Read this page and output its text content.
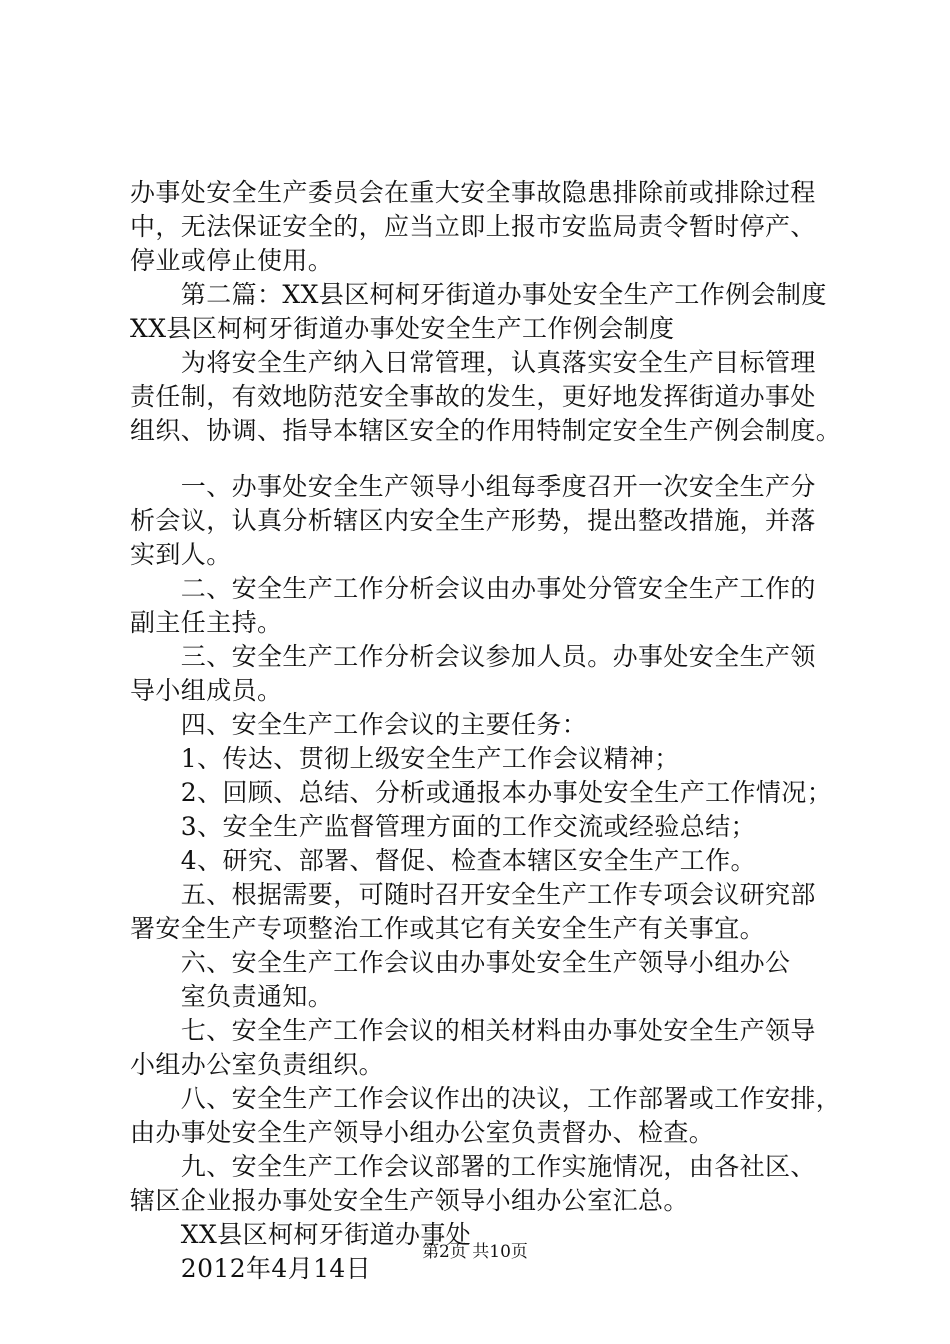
办事处安全生产委员会在重大安全事故隐患排除前或排除过程
中，无法保证安全的，应当立即上报市安监局责令暂时停产、
停业或停止使用。
　　第二篇：XX县区柯柯牙街道办事处安全生产工作例会制度
XX县区柯柯牙街道办事处安全生产工作例会制度
　　为将安全生产纳入日常管理，认真落实安全生产目标管理
责任制，有效地防范安全事故的发生，更好地发挥街道办事处
组织、协调、指导本辖区安全的作用特制定安全生产例会制度。
　　一、办事处安全生产领导小组每季度召开一次安全生产分
析会议，认真分析辖区内安全生产形势，提出整改措施，并落
实到人。
　　二、安全生产工作分析会议由办事处分管安全生产工作的
副主任主持。
　　三、安全生产工作分析会议参加人员。办事处安全生产领
导小组成员。
　　四、安全生产工作会议的主要任务：
　　1、传达、贯彻上级安全生产工作会议精神；
　　2、回顾、总结、分析或通报本办事处安全生产工作情况；
　　3、安全生产监督管理方面的工作交流或经验总结；
　　4、研究、部署、督促、检查本辖区安全生产工作。
　　五、根据需要，可随时召开安全生产工作专项会议研究部
署安全生产专项整治工作或其它有关安全生产有关事宜。
　　六、安全生产工作会议由办事处安全生产领导小组办公
　　室负责通知。
　　七、安全生产工作会议的相关材料由办事处安全生产领导
小组办公室负责组织。
　　八、安全生产工作会议作出的决议，工作部署或工作安排，
由办事处安全生产领导小组办公室负责督办、检查。
　　九、安全生产工作会议部署的工作实施情况，由各社区、
辖区企业报办事处安全生产领导小组办公室汇总。
　　XX县区柯柯牙街道办事处
　　2012年4月14日
第2页 共10页
